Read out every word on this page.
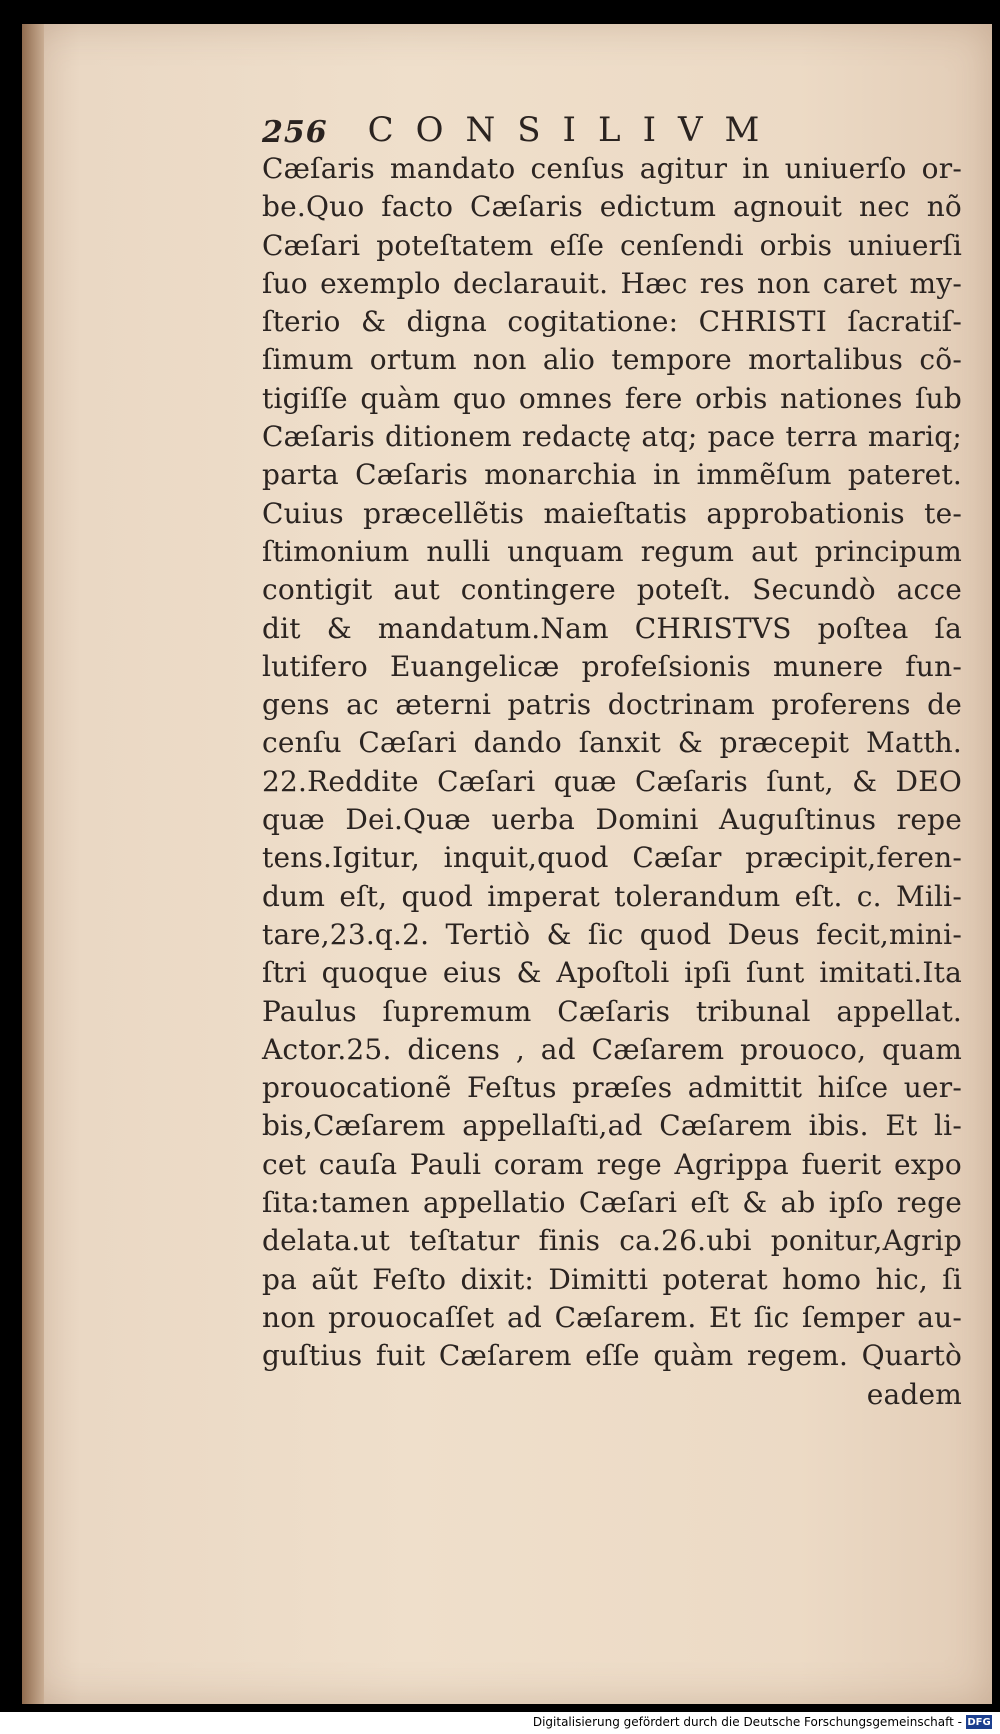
256 CONSILIVM
Cæſaris mandato cenſus agitur in uniuerſo or-
be.Quo facto Cæſaris edictum agnouit nec nõ
Cæſari poteſtatem eſſe cenſendi orbis uniuerſi
ſuo exemplo declarauit. Hæc res non caret my-
ſterio & digna cogitatione: CHRISTI ſacratiſ-
ſimum ortum non alio tempore mortalibus cõ-
tigiſſe quàm quo omnes fere orbis nationes ſub
Cæſaris ditionem redactę atq; pace terra mariq;
parta Cæſaris monarchia in immẽſum pateret.
Cuius præcellẽtis maieſtatis approbationis te-
ſtimonium nulli unquam regum aut principum
contigit aut contingere poteſt. Secundò acce
dit & mandatum.Nam CHRISTVS poſtea ſa
lutifero Euangelicæ profeſsionis munere fun-
gens ac æterni patris doctrinam proferens de
cenſu Cæſari dando ſanxit & præcepit Matth.
22.Reddite Cæſari quæ Cæſaris ſunt, & DEO
quæ Dei.Quæ uerba Domini Auguſtinus repe
tens.Igitur, inquit,quod Cæſar præcipit,feren-
dum eſt, quod imperat tolerandum eſt. c. Mili-
tare,23.q.2. Tertiò & ſic quod Deus fecit,mini-
ſtri quoque eius & Apoſtoli ipſi ſunt imitati.Ita
Paulus ſupremum Cæſaris tribunal appellat.
Actor.25. dicens , ad Cæſarem prouoco, quam
prouocationẽ Feſtus præſes admittit hiſce uer-
bis,Cæſarem appellaſti,ad Cæſarem ibis. Et li-
cet cauſa Pauli coram rege Agrippa fuerit expo
ſita:tamen appellatio Cæſari eſt & ab ipſo rege
delata.ut teſtatur finis ca.26.ubi ponitur,Agrip
pa aũt Feſto dixit: Dimitti poterat homo hic, ſi
non prouocaſſet ad Cæſarem. Et ſic ſemper au-
guſtius fuit Cæſarem eſſe quàm regem. Quartò
eadem
Digitalisierung gefördert durch die Deutsche Forschungsgemeinschaft - DFG
